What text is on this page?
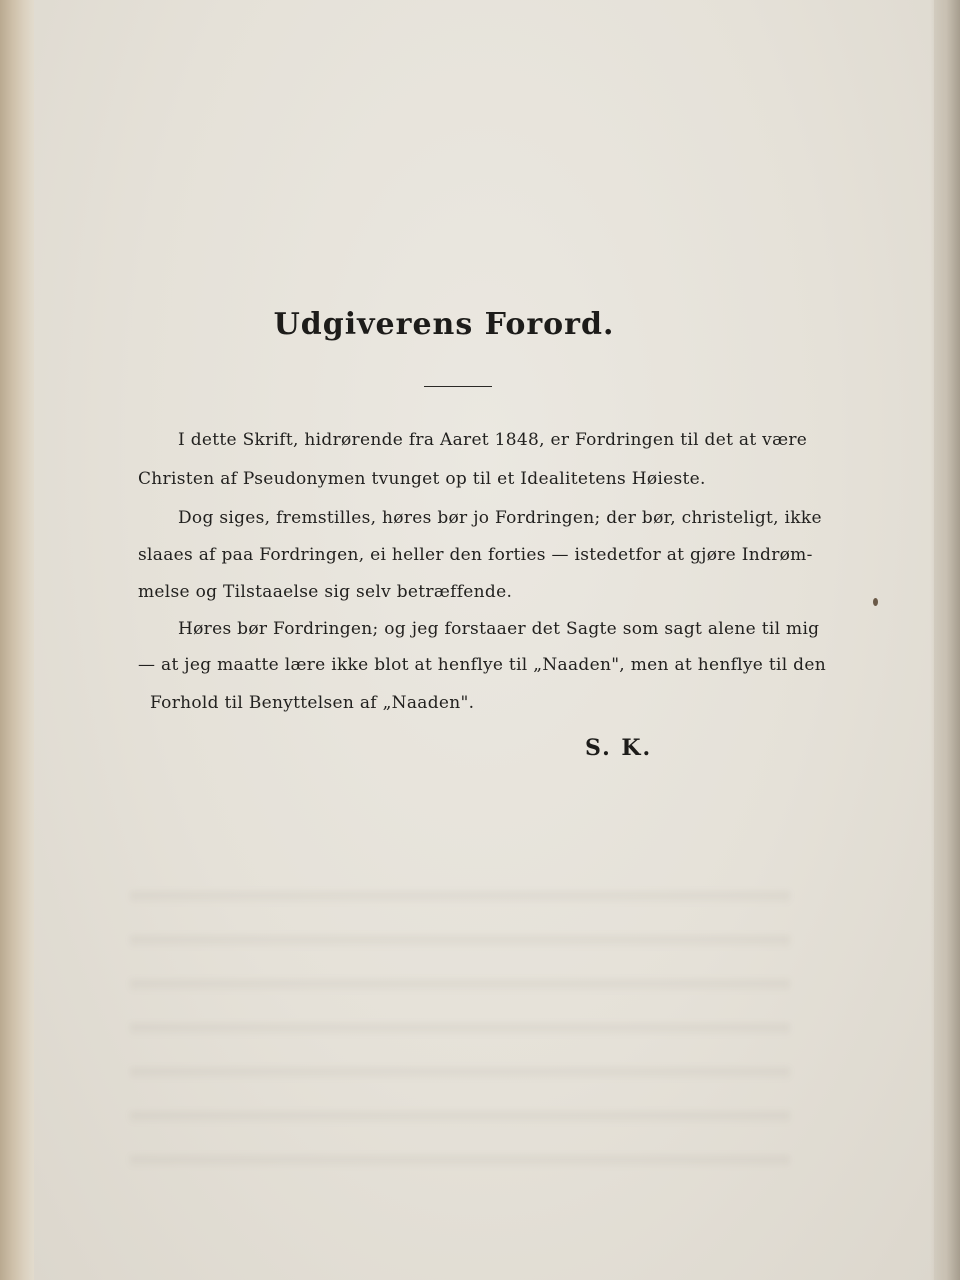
Udgiverens Forord.
I dette Skrift, hidrørende fra Aaret 1848, er Fordringen til det at være
Christen af Pseudonymen tvunget op til et Idealitetens Høieste.
Dog siges, fremstilles, høres bør jo Fordringen; der bør, christeligt, ikke
slaaes af paa Fordringen, ei heller den forties — istedetfor at gjøre Indrøm-
melse og Tilstaaelse sig selv betræffende.
Høres bør Fordringen; og jeg forstaaer det Sagte som sagt alene til mig
— at jeg maatte lære ikke blot at henflye til „Naaden", men at henflye til den
Forhold til Benyttelsen af „Naaden".
S. K.
